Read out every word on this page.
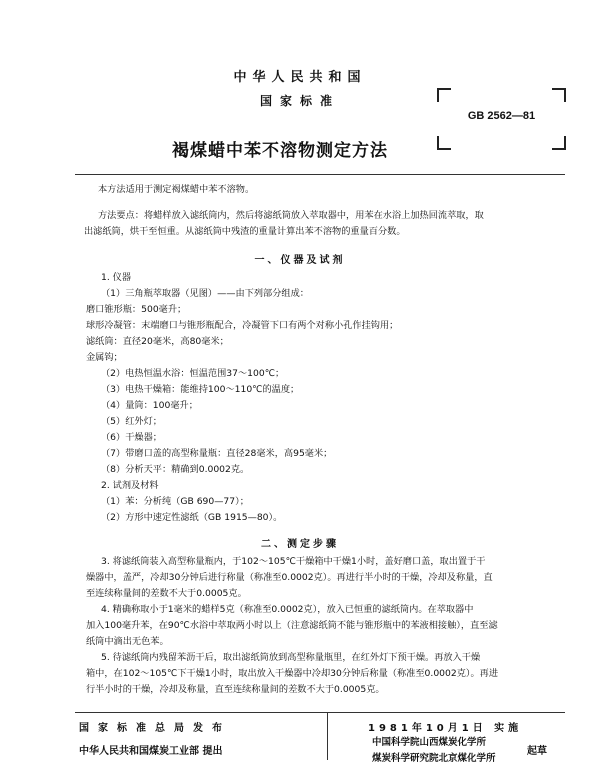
中华人民共和国
国家标准
褐煤蜡中苯不溶物测定方法
GB 2562—81
本方法适用于测定褐煤蜡中苯不溶物。
方法要点：将蜡样放入滤纸筒内，然后将滤纸筒放入萃取器中，用苯在水浴上加热回流萃取，取
出滤纸筒，烘干至恒重。从滤纸筒中残渣的重量计算出苯不溶物的重量百分数。
一、仪器及试剂
1. 仪器
（1）三角瓶萃取器（见图）——由下列部分组成：
磨口锥形瓶：500毫升；
球形冷凝管：末端磨口与锥形瓶配合，冷凝管下口有两个对称小孔作挂钩用；
滤纸筒：直径20毫米，高80毫米；
金属钩；
（2）电热恒温水浴：恒温范围37～100℃；
（3）电热干燥箱：能维持100～110℃的温度；
（4）量筒：100毫升；
（5）红外灯；
（6）干燥器；
（7）带磨口盖的高型称量瓶：直径28毫米，高95毫米；
（8）分析天平：精确到0.0002克。
2. 试剂及材料
（1）苯：分析纯（GB 690—77）；
（2）方形中速定性滤纸（GB 1915—80）。
二、测定步骤
3. 将滤纸筒装入高型称量瓶内，于102～105℃干燥箱中干燥1小时，盖好磨口盖，取出置于干
燥器中，盖严，冷却30分钟后进行称量（称准至0.0002克）。再进行半小时的干燥，冷却及称量，直
至连续称量间的差数不大于0.0005克。
4. 精确称取小于1毫米的蜡样5克（称准至0.0002克），放入已恒重的滤纸筒内。在萃取器中
加入100毫升苯，在90℃水浴中萃取两小时以上（注意滤纸筒不能与锥形瓶中的苯液相接触），直至滤
纸筒中滴出无色苯。
5. 待滤纸筒内残留苯沥干后，取出滤纸筒放到高型称量瓶里，在红外灯下预干燥。再放入干燥
箱中，在102～105℃下干燥1小时，取出放入干燥器中冷却30分钟后称量（称准至0.0002克）。再进
行半小时的干燥，冷却及称量，直至连续称量间的差数不大于0.0005克。
国家标准总局发布
中华人民共和国煤炭工业部 提出
1981年10月1日 实施
中国科学院山西煤炭化学所
煤炭科学研究院北京煤化学所
起草
